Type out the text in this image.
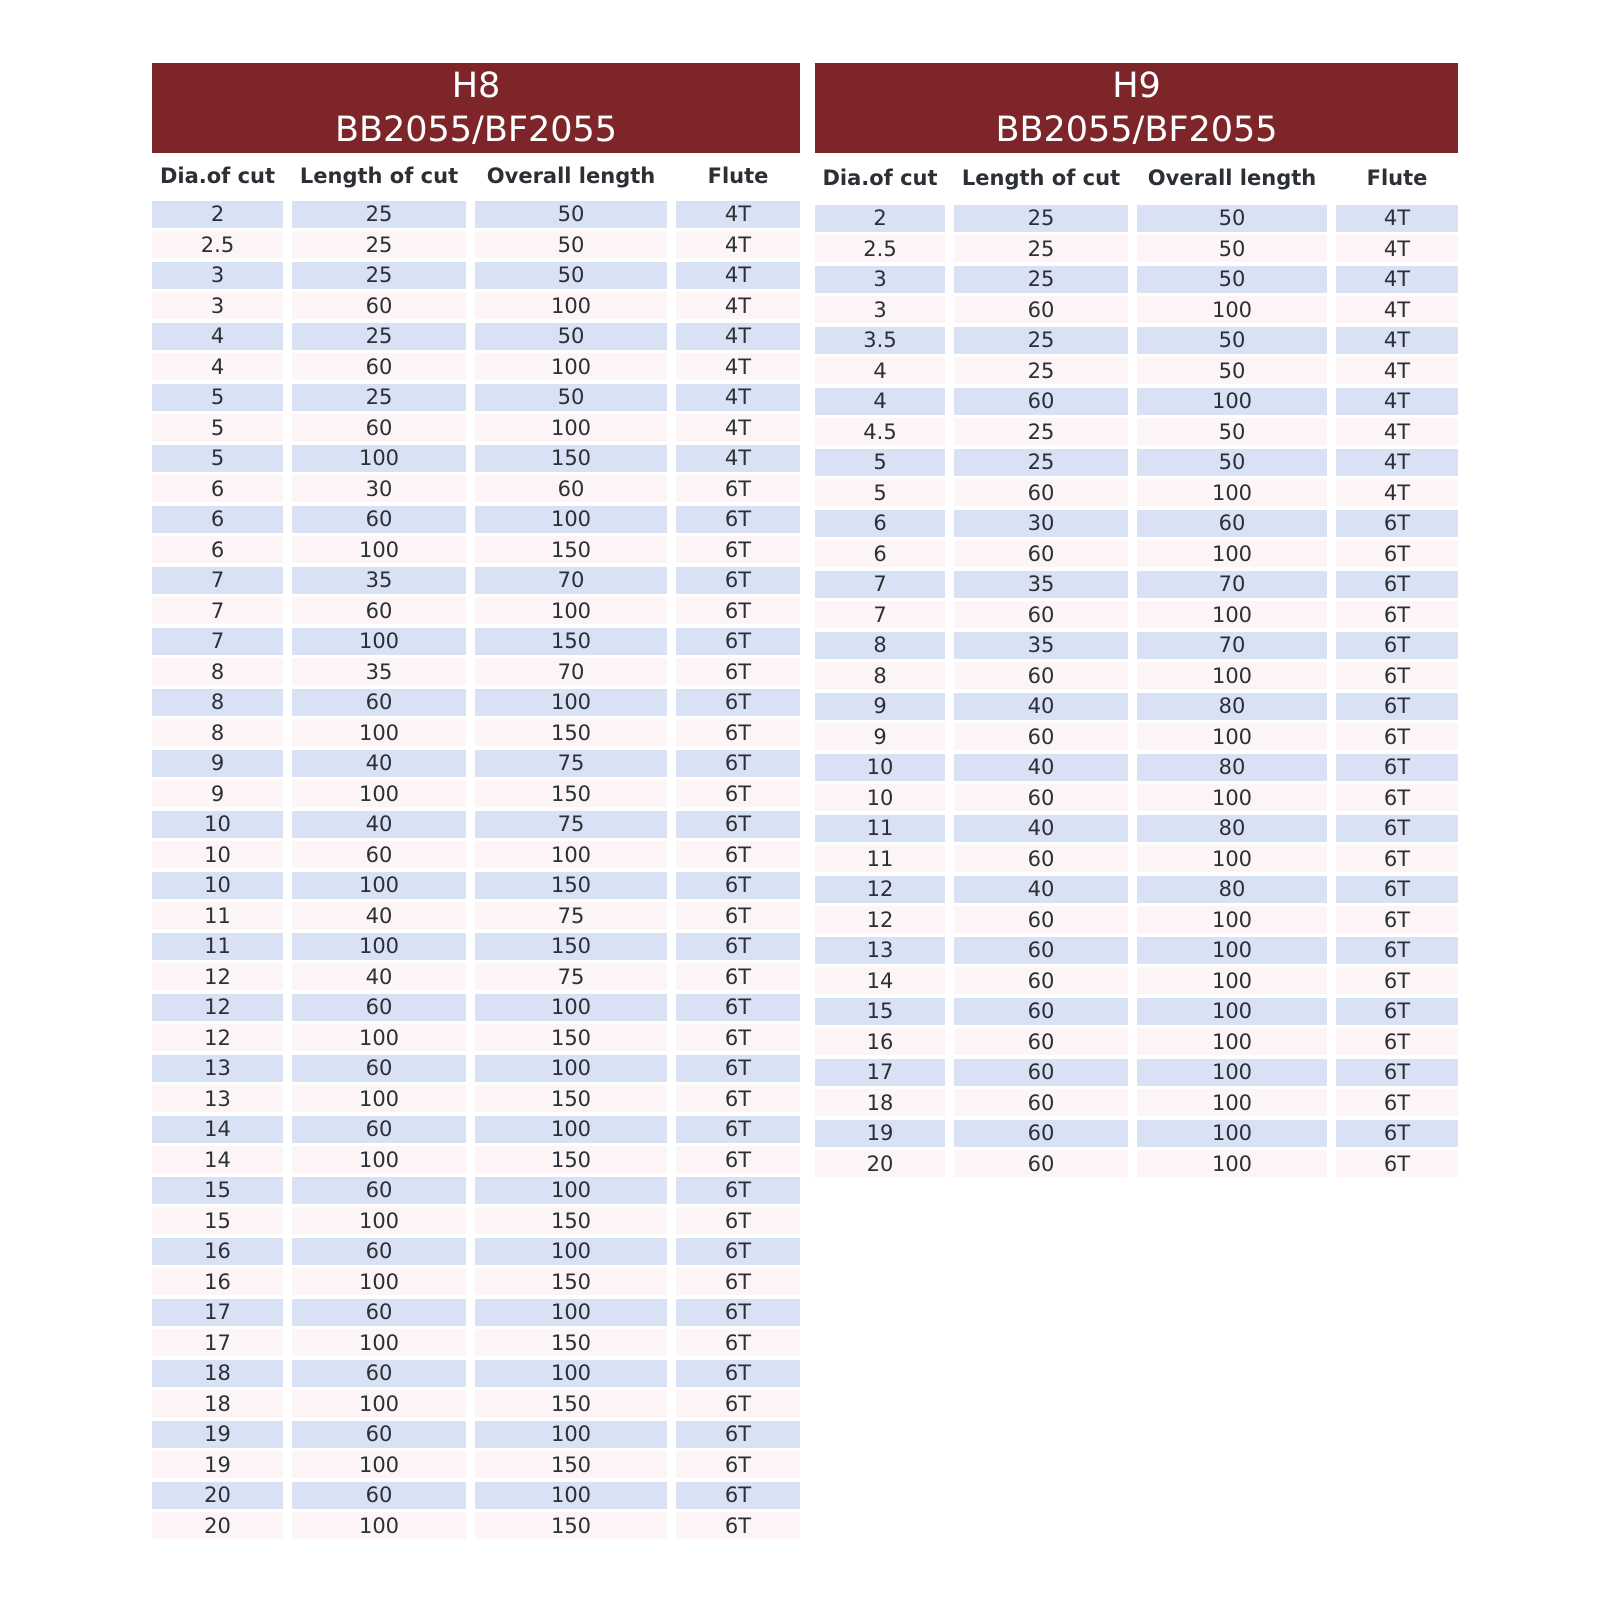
H8
BB2055/BF2055
Dia.of cut	Length of cut	Overall length	Flute
2	25	50	4T
2.5	25	50	4T
3	25	50	4T
3	60	100	4T
4	25	50	4T
4	60	100	4T
5	25	50	4T
5	60	100	4T
5	100	150	4T
6	30	60	6T
6	60	100	6T
6	100	150	6T
7	35	70	6T
7	60	100	6T
7	100	150	6T
8	35	70	6T
8	60	100	6T
8	100	150	6T
9	40	75	6T
9	100	150	6T
10	40	75	6T
10	60	100	6T
10	100	150	6T
11	40	75	6T
11	100	150	6T
12	40	75	6T
12	60	100	6T
12	100	150	6T
13	60	100	6T
13	100	150	6T
14	60	100	6T
14	100	150	6T
15	60	100	6T
15	100	150	6T
16	60	100	6T
16	100	150	6T
17	60	100	6T
17	100	150	6T
18	60	100	6T
18	100	150	6T
19	60	100	6T
19	100	150	6T
20	60	100	6T
20	100	150	6T
H9
BB2055/BF2055
Dia.of cut	Length of cut	Overall length	Flute
2	25	50	4T
2.5	25	50	4T
3	25	50	4T
3	60	100	4T
3.5	25	50	4T
4	25	50	4T
4	60	100	4T
4.5	25	50	4T
5	25	50	4T
5	60	100	4T
6	30	60	6T
6	60	100	6T
7	35	70	6T
7	60	100	6T
8	35	70	6T
8	60	100	6T
9	40	80	6T
9	60	100	6T
10	40	80	6T
10	60	100	6T
11	40	80	6T
11	60	100	6T
12	40	80	6T
12	60	100	6T
13	60	100	6T
14	60	100	6T
15	60	100	6T
16	60	100	6T
17	60	100	6T
18	60	100	6T
19	60	100	6T
20	60	100	6T
